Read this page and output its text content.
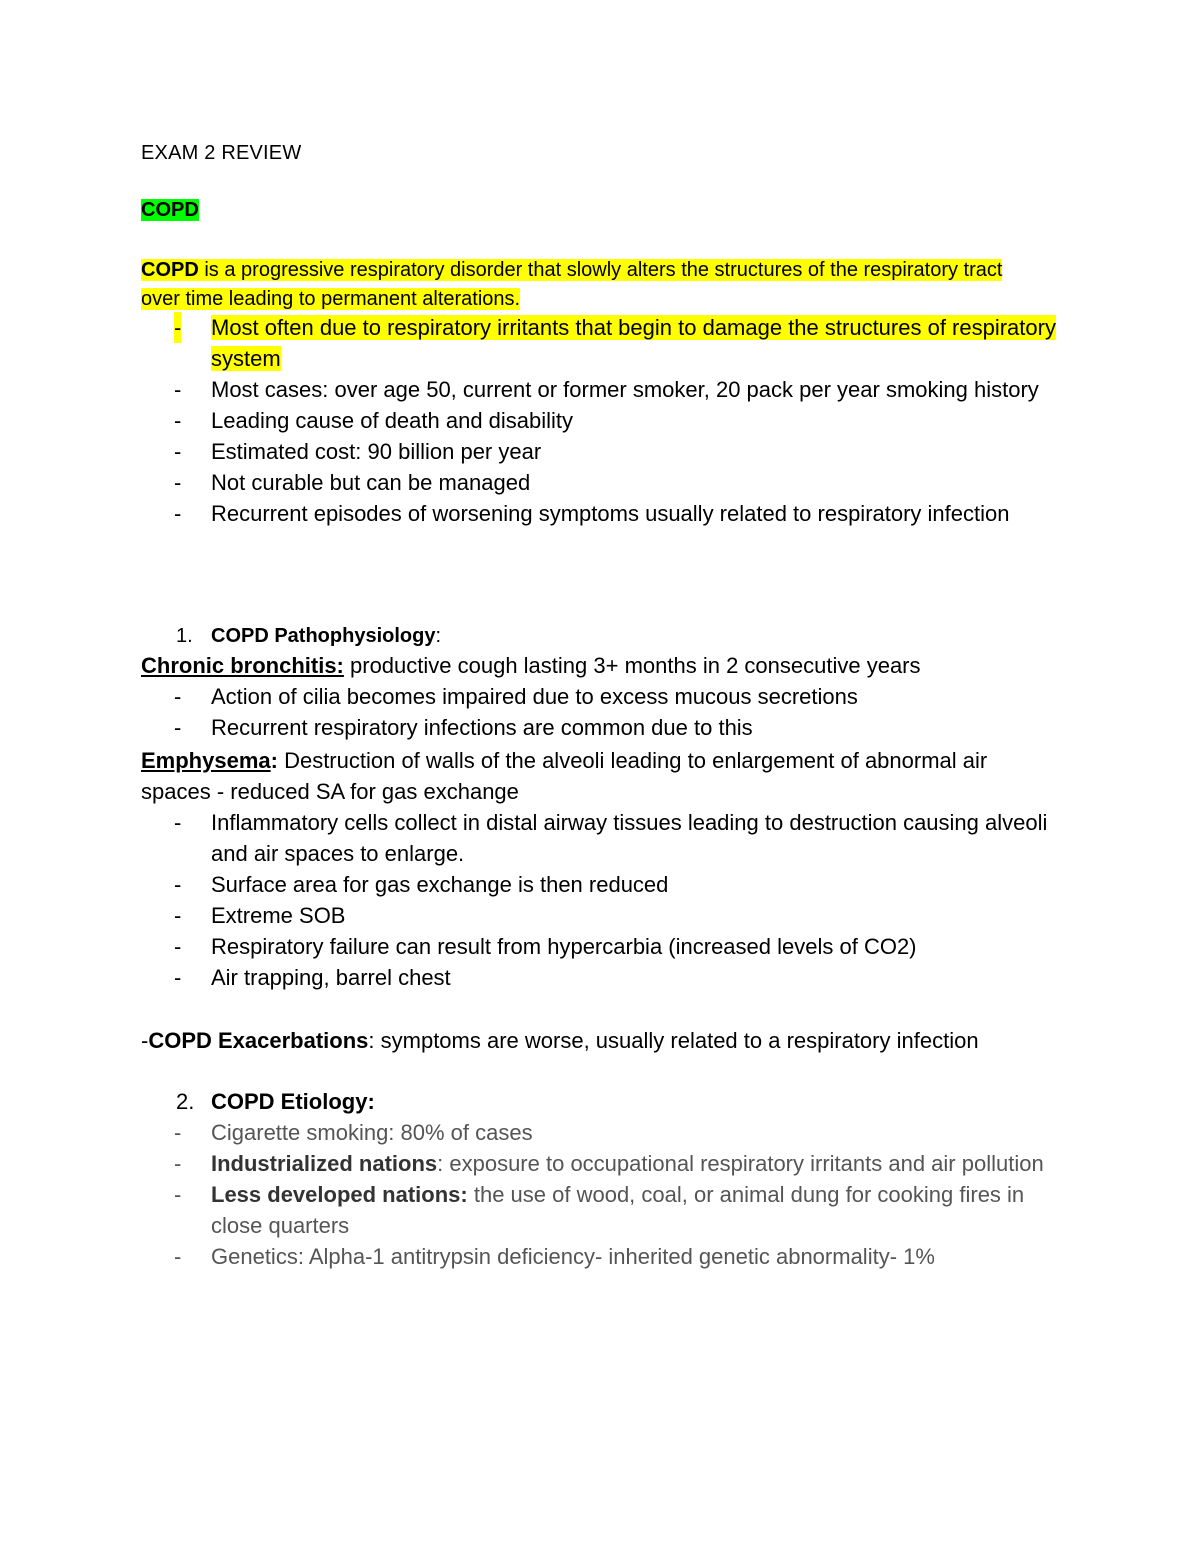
EXAM 2 REVIEW
COPD
COPD is a progressive respiratory disorder that slowly alters the structures of the respiratory tract over time leading to permanent alterations.
- Most often due to respiratory irritants that begin to damage the structures of respiratory system
- Most cases: over age 50, current or former smoker, 20 pack per year smoking history
- Leading cause of death and disability
- Estimated cost: 90 billion per year
- Not curable but can be managed
- Recurrent episodes of worsening symptoms usually related to respiratory infection
1. COPD Pathophysiology:
Chronic bronchitis: productive cough lasting 3+ months in 2 consecutive years
- Action of cilia becomes impaired due to excess mucous secretions
- Recurrent respiratory infections are common due to this
Emphysema: Destruction of walls of the alveoli leading to enlargement of abnormal air spaces - reduced SA for gas exchange
- Inflammatory cells collect in distal airway tissues leading to destruction causing alveoli and air spaces to enlarge.
- Surface area for gas exchange is then reduced
- Extreme SOB
- Respiratory failure can result from hypercarbia (increased levels of CO2)
- Air trapping, barrel chest
-COPD Exacerbations: symptoms are worse, usually related to a respiratory infection
2. COPD Etiology:
- Cigarette smoking: 80% of cases
- Industrialized nations: exposure to occupational respiratory irritants and air pollution
- Less developed nations: the use of wood, coal, or animal dung for cooking fires in close quarters
- Genetics: Alpha-1 antitrypsin deficiency- inherited genetic abnormality- 1%
